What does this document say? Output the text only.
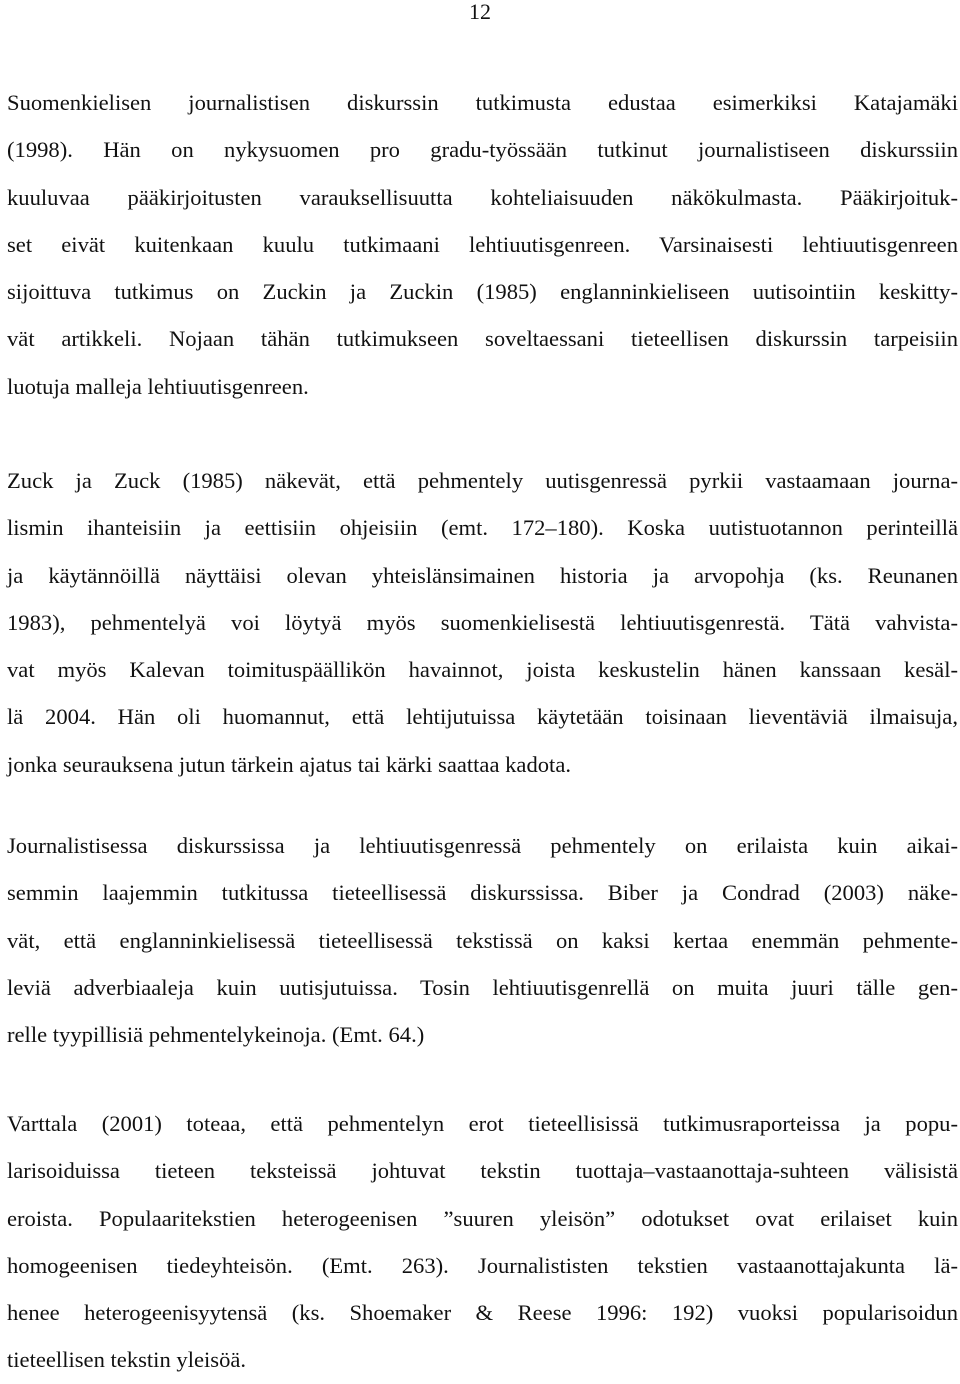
12
Suomenkielisen journalistisen diskurssin tutkimusta edustaa esimerkiksi Katajamäki
(1998). Hän on nykysuomen pro gradu-työssään tutkinut journalistiseen diskurssiin
kuuluvaa pääkirjoitusten varauksellisuutta kohteliaisuuden näkökulmasta. Pääkirjoituk-
set eivät kuitenkaan kuulu tutkimaani lehtiuutisgenreen. Varsinaisesti lehtiuutisgenreen
sijoittuva tutkimus on Zuckin ja Zuckin (1985) englanninkieliseen uutisointiin keskitty-
vät artikkeli. Nojaan tähän tutkimukseen soveltaessani tieteellisen diskurssin tarpeisiin
luotuja malleja lehtiuutisgenreen.
Zuck ja Zuck (1985) näkevät, että pehmentely uutisgenressä pyrkii vastaamaan journa-
lismin ihanteisiin ja eettisiin ohjeisiin (emt. 172–180). Koska uutistuotannon perinteillä
ja käytännöillä näyttäisi olevan yhteislänsimainen historia ja arvopohja (ks. Reunanen
1983), pehmentelyä voi löytyä myös suomenkielisestä lehtiuutisgenrestä. Tätä vahvista-
vat myös Kalevan toimituspäällikön havainnot, joista keskustelin hänen kanssaan kesäl-
lä 2004. Hän oli huomannut, että lehtijutuissa käytetään toisinaan lieventäviä ilmaisuja,
jonka seurauksena jutun tärkein ajatus tai kärki saattaa kadota.
Journalistisessa diskurssissa ja lehtiuutisgenressä pehmentely on erilaista kuin aikai-
semmin laajemmin tutkitussa tieteellisessä diskurssissa. Biber ja Condrad (2003) näke-
vät, että englanninkielisessä tieteellisessä tekstissä on kaksi kertaa enemmän pehmente-
leviä adverbiaaleja kuin uutisjutuissa. Tosin lehtiuutisgenrellä on muita juuri tälle gen-
relle tyypillisiä pehmentelykeinoja. (Emt. 64.)
Varttala (2001) toteaa, että pehmentelyn erot tieteellisissä tutkimusraporteissa ja popu-
larisoiduissa tieteen teksteissä johtuvat tekstin tuottaja–vastaanottaja-suhteen välisistä
eroista. Populaaritekstien heterogeenisen ”suuren yleisön” odotukset ovat erilaiset kuin
homogeenisen tiedeyhteisön. (Emt. 263). Journalististen tekstien vastaanottajakunta lä-
henee heterogeenisyytensä (ks. Shoemaker & Reese 1996: 192) vuoksi popularisoidun
tieteellisen tekstin yleisöä.
